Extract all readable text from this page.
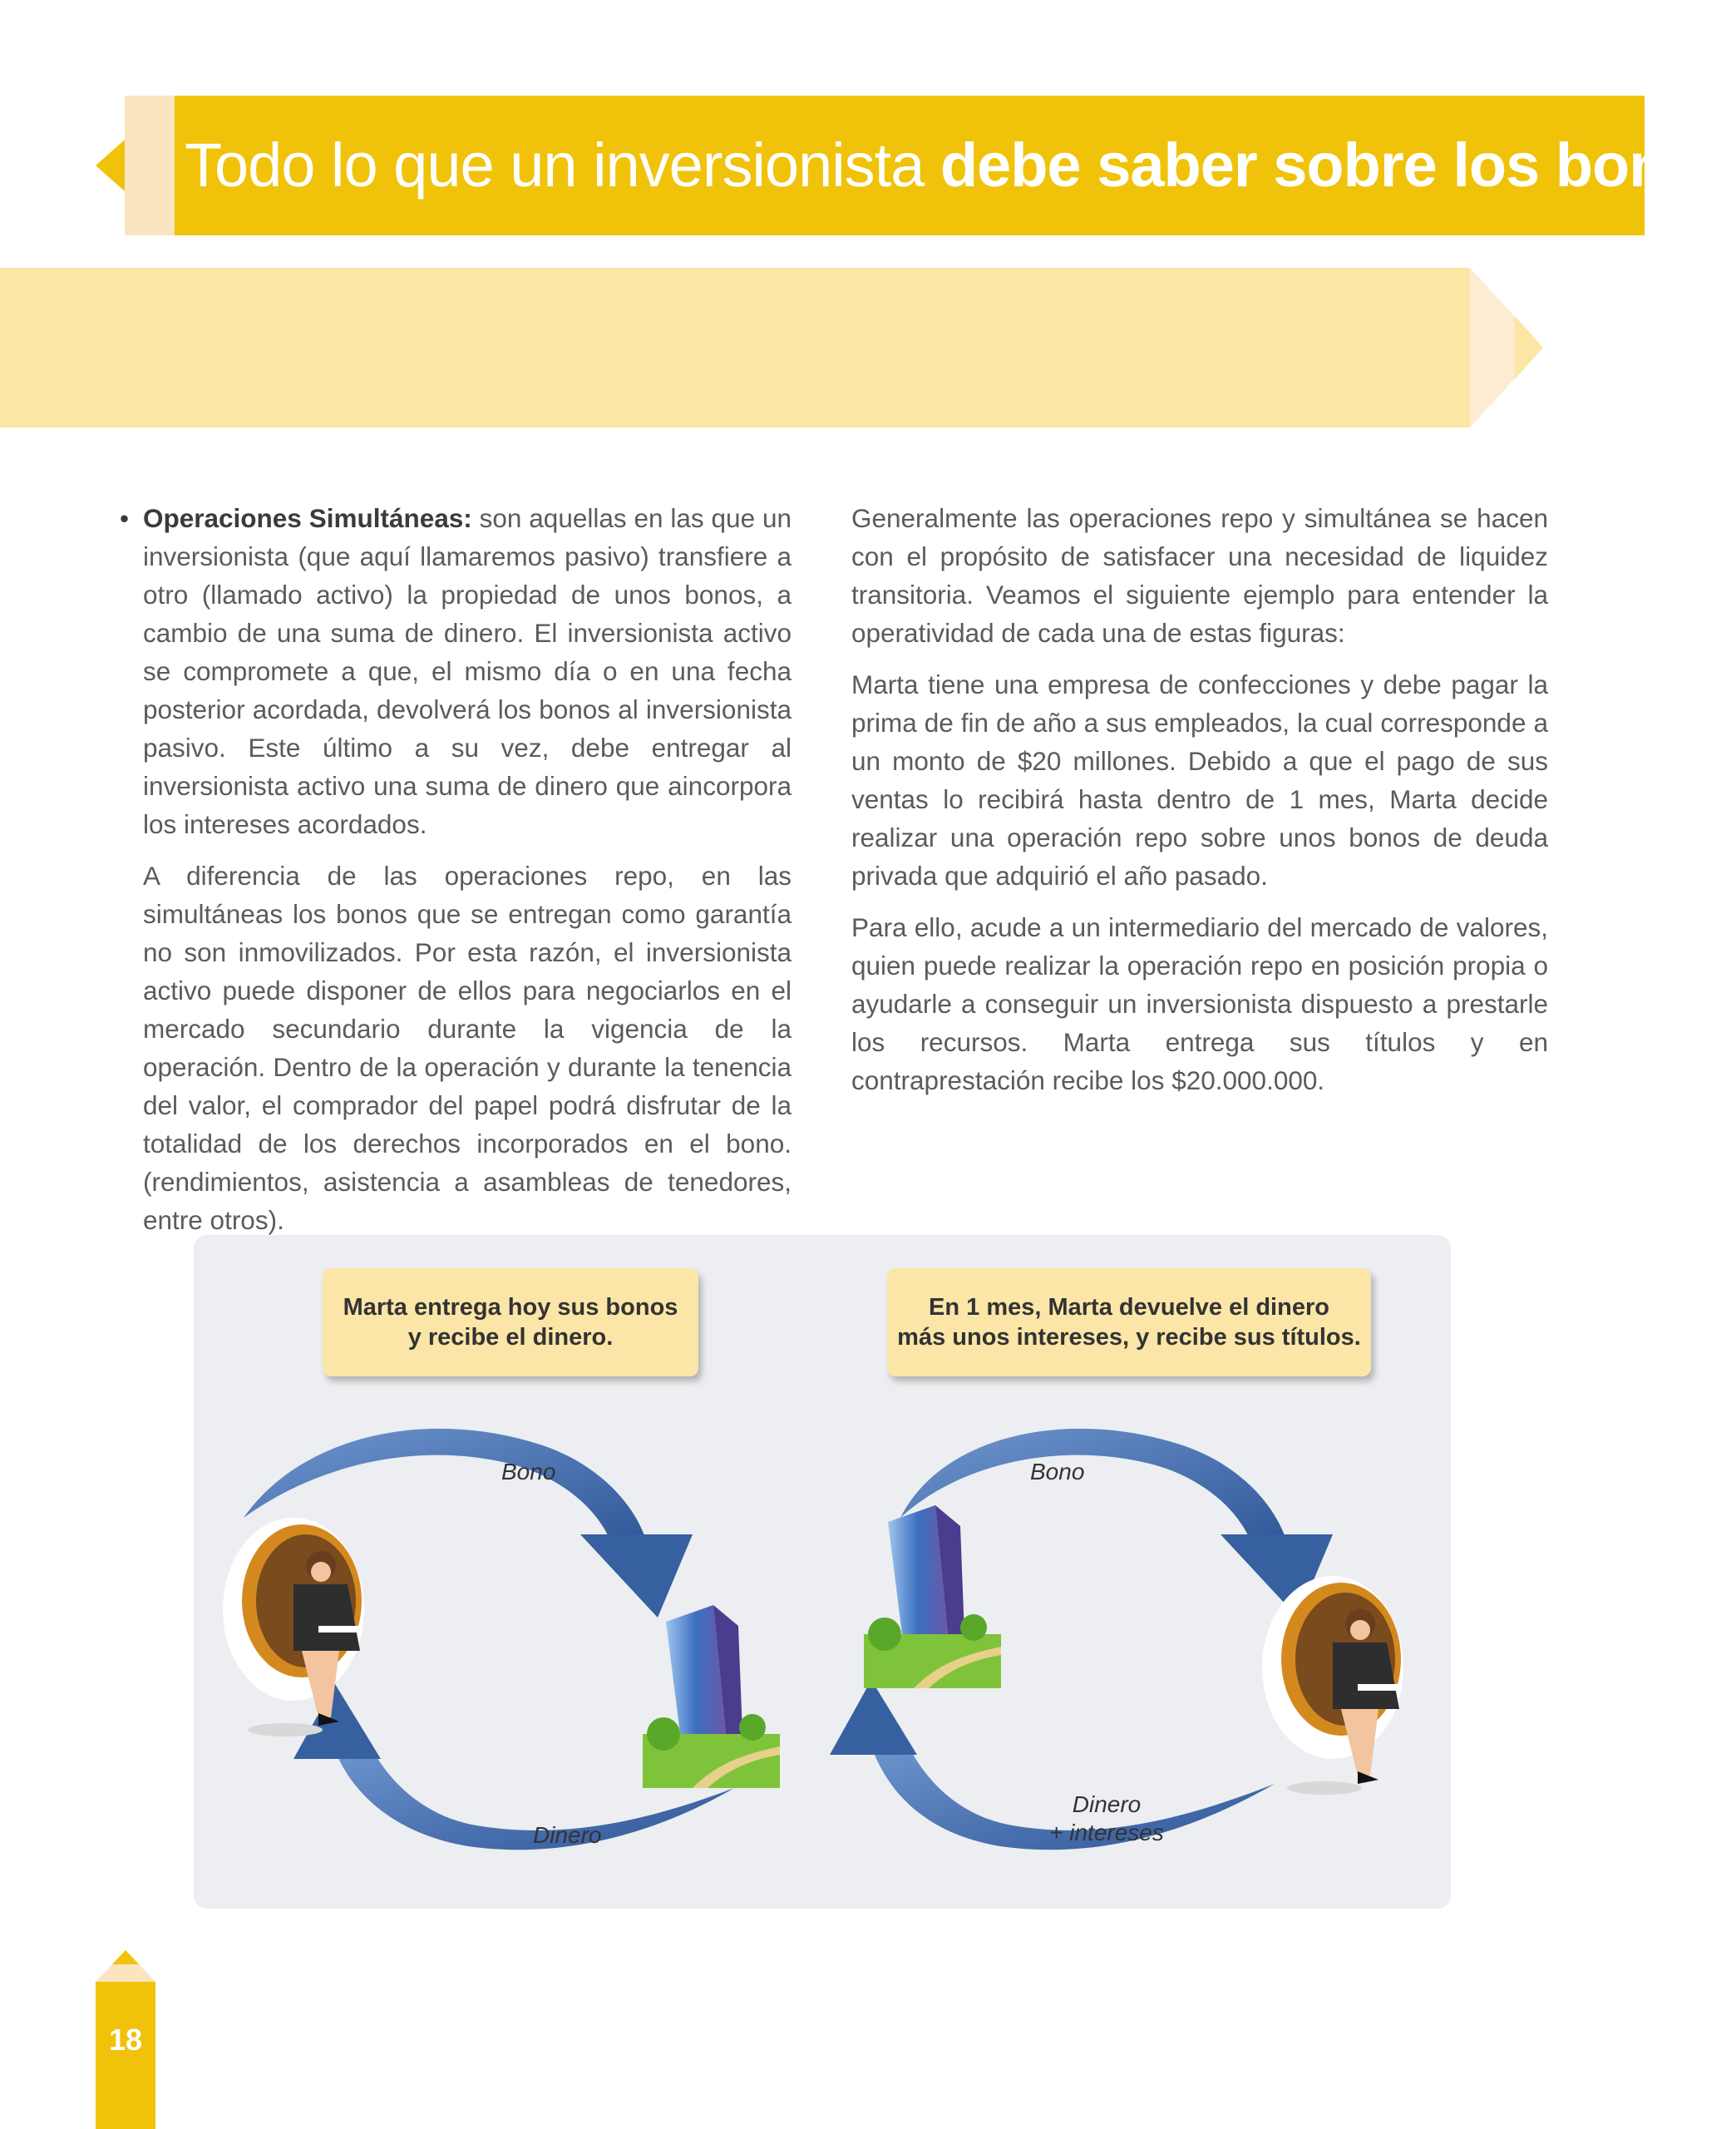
Todo lo que un inversionista debe saber sobre los bonos
• Operaciones Simultáneas: son aquellas en las que un inversionista (que aquí llamaremos pasivo) transfiere a otro (llamado activo) la propiedad de unos bonos, a cambio de una suma de dinero. El inversionista activo se compromete a que, el mismo día o en una fecha posterior acordada, devolverá los bonos al inversionista pasivo. Este último a su vez, debe entregar al inversionista activo una suma de dinero que aincorpora los intereses acordados.

A diferencia de las operaciones repo, en las simultáneas los bonos que se entregan como garantía no son inmovilizados. Por esta razón, el inversionista activo puede disponer de ellos para negociarlos en el mercado secundario durante la vigencia de la operación. Dentro de la operación y durante la tenencia del valor, el comprador del papel podrá disfrutar de la totalidad de los derechos incorporados en el bono. (rendimientos, asistencia a asambleas de tenedores, entre otros).

Generalmente las operaciones repo y simultánea se hacen con el propósito de satisfacer una necesidad de liquidez transitoria. Veamos el siguiente ejemplo para entender la operatividad de cada una de estas figuras:

Marta tiene una empresa de confecciones y debe pagar la prima de fin de año a sus empleados, la cual corresponde a un monto de $20 millones. Debido a que el pago de sus ventas lo recibirá hasta dentro de 1 mes, Marta decide realizar una operación repo sobre unos bonos de deuda privada que adquirió el año pasado.

Para ello, acude a un intermediario del mercado de valores, quien puede realizar la operación repo en posición propia o ayudarle a conseguir un inversionista dispuesto a prestarle los recursos. Marta entrega sus títulos y en contraprestación recibe los $20.000.000.

Marta entrega hoy sus bonos
y recibe el dinero.
En 1 mes, Marta devuelve el dinero
más unos intereses, y recibe sus títulos.
Bono
Dinero
Bono
Dinero
+ intereses
18
